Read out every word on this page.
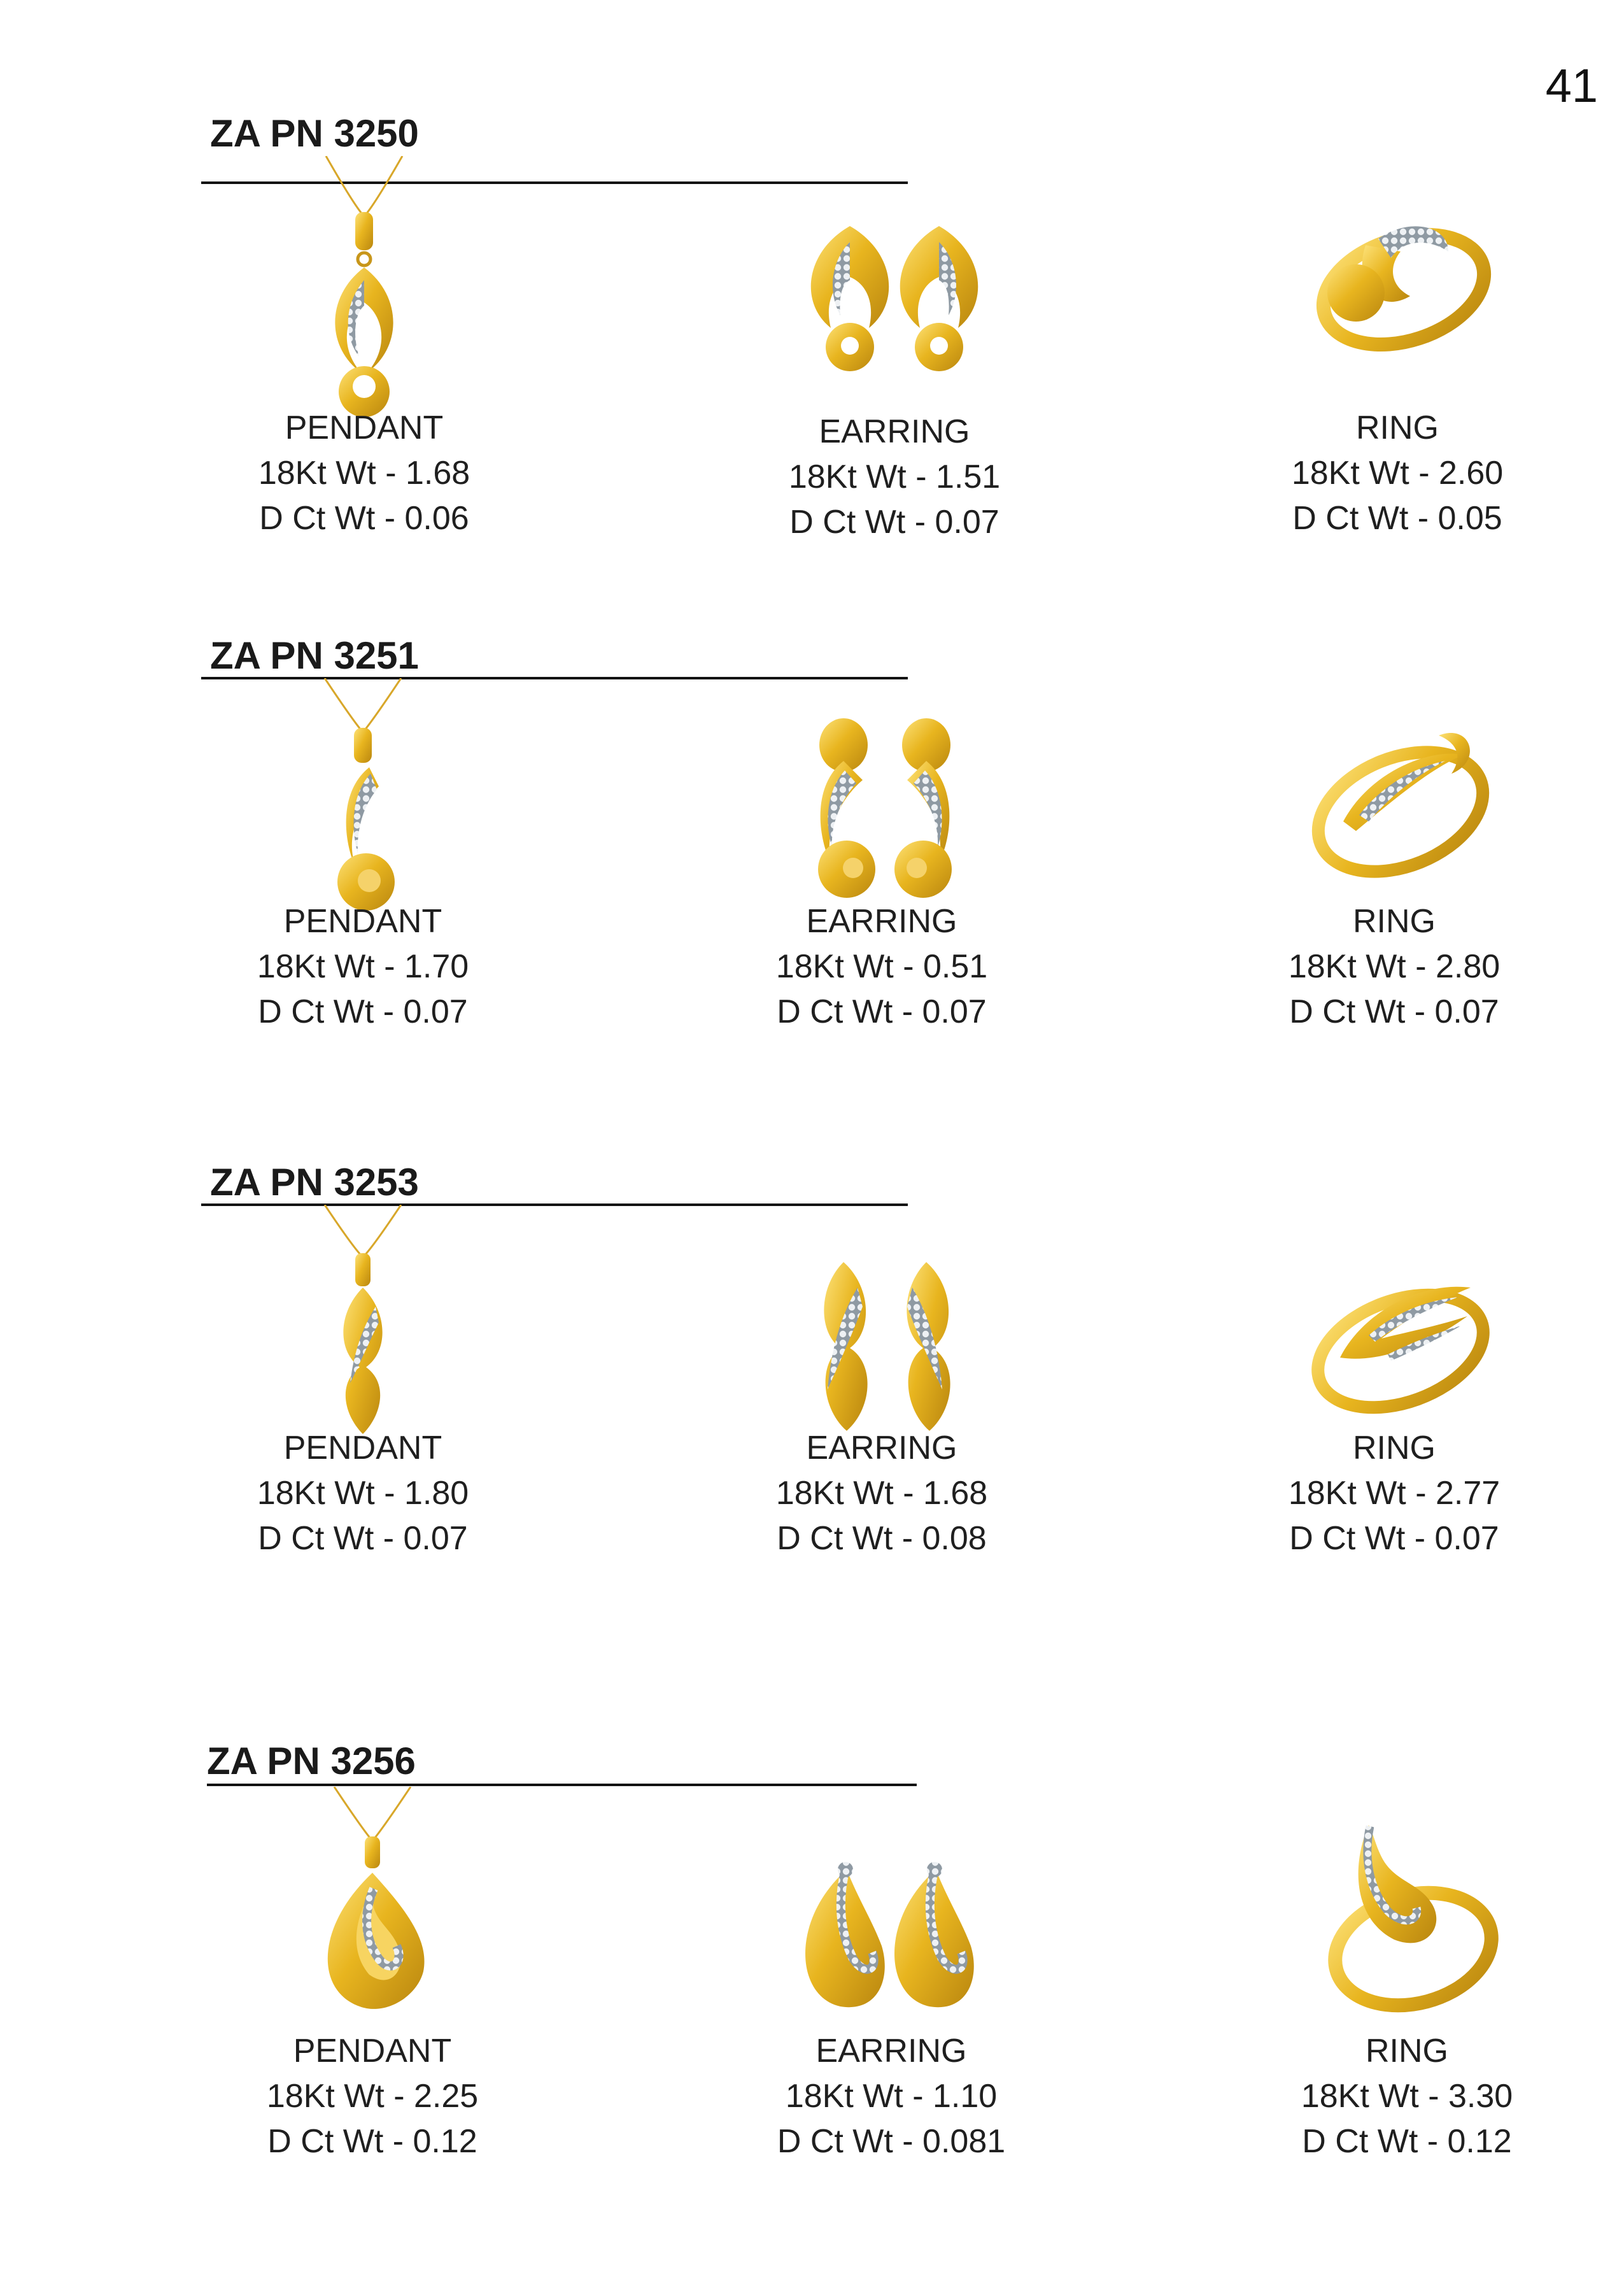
41
ZA PN 3250
PENDANT
18Kt Wt - 1.68
D Ct Wt - 0.06
EARRING
18Kt Wt - 1.51
D Ct Wt - 0.07
RING
18Kt Wt - 2.60
D Ct Wt - 0.05
ZA PN 3251
PENDANT
18Kt Wt - 1.70
D Ct Wt - 0.07
EARRING
18Kt Wt - 0.51
D Ct Wt - 0.07
RING
18Kt Wt - 2.80
D Ct Wt - 0.07
ZA PN 3253
PENDANT
18Kt Wt - 1.80
D Ct Wt - 0.07
EARRING
18Kt Wt - 1.68
D Ct Wt - 0.08
RING
18Kt Wt - 2.77
D Ct Wt - 0.07
ZA PN 3256
PENDANT
18Kt Wt - 2.25
D Ct Wt - 0.12
EARRING
18Kt Wt - 1.10
D Ct Wt - 0.081
RING
18Kt Wt - 3.30
D Ct Wt - 0.12
